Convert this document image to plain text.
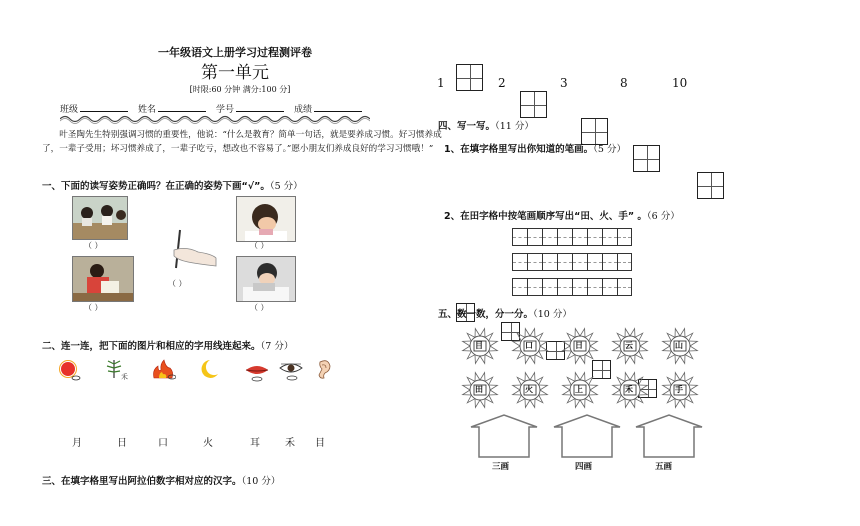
一年级语文上册学习过程测评卷
第一单元
[时限:60 分钟 满分:100 分]
班级	姓名	学号	成绩
叶圣陶先生特别强调习惯的重要性，他说：“什么是教育？简单一句话，就是要养成习惯。好习惯养成了，一辈子受用；坏习惯养成了，一辈子吃亏，想改也不容易了。”愿小朋友们养成良好的学习习惯哦！”
一、下面的读写姿势正确吗？在正确的姿势下画“√”。（5 分）
（ ）	（ ）
（ ）
（ ）	（ ）
二、连一连，把下面的图片和相应的字用线连起来。（7 分）
禾
月	日	口	火	耳	禾 目
三、在填字格里写出阿拉伯数字相对应的汉字。（10 分）
1	2	3	8	10
四、写一写。（11 分）
1、在填字格里写出你知道的笔画。（5 分）
2、在田字格中按笔画顺序写出“田、火、手” 。（6 分）
五、数一数，分一分。（10 分）
目	口	日	云	山
田	火	上	禾	手
三画	四画	五画
